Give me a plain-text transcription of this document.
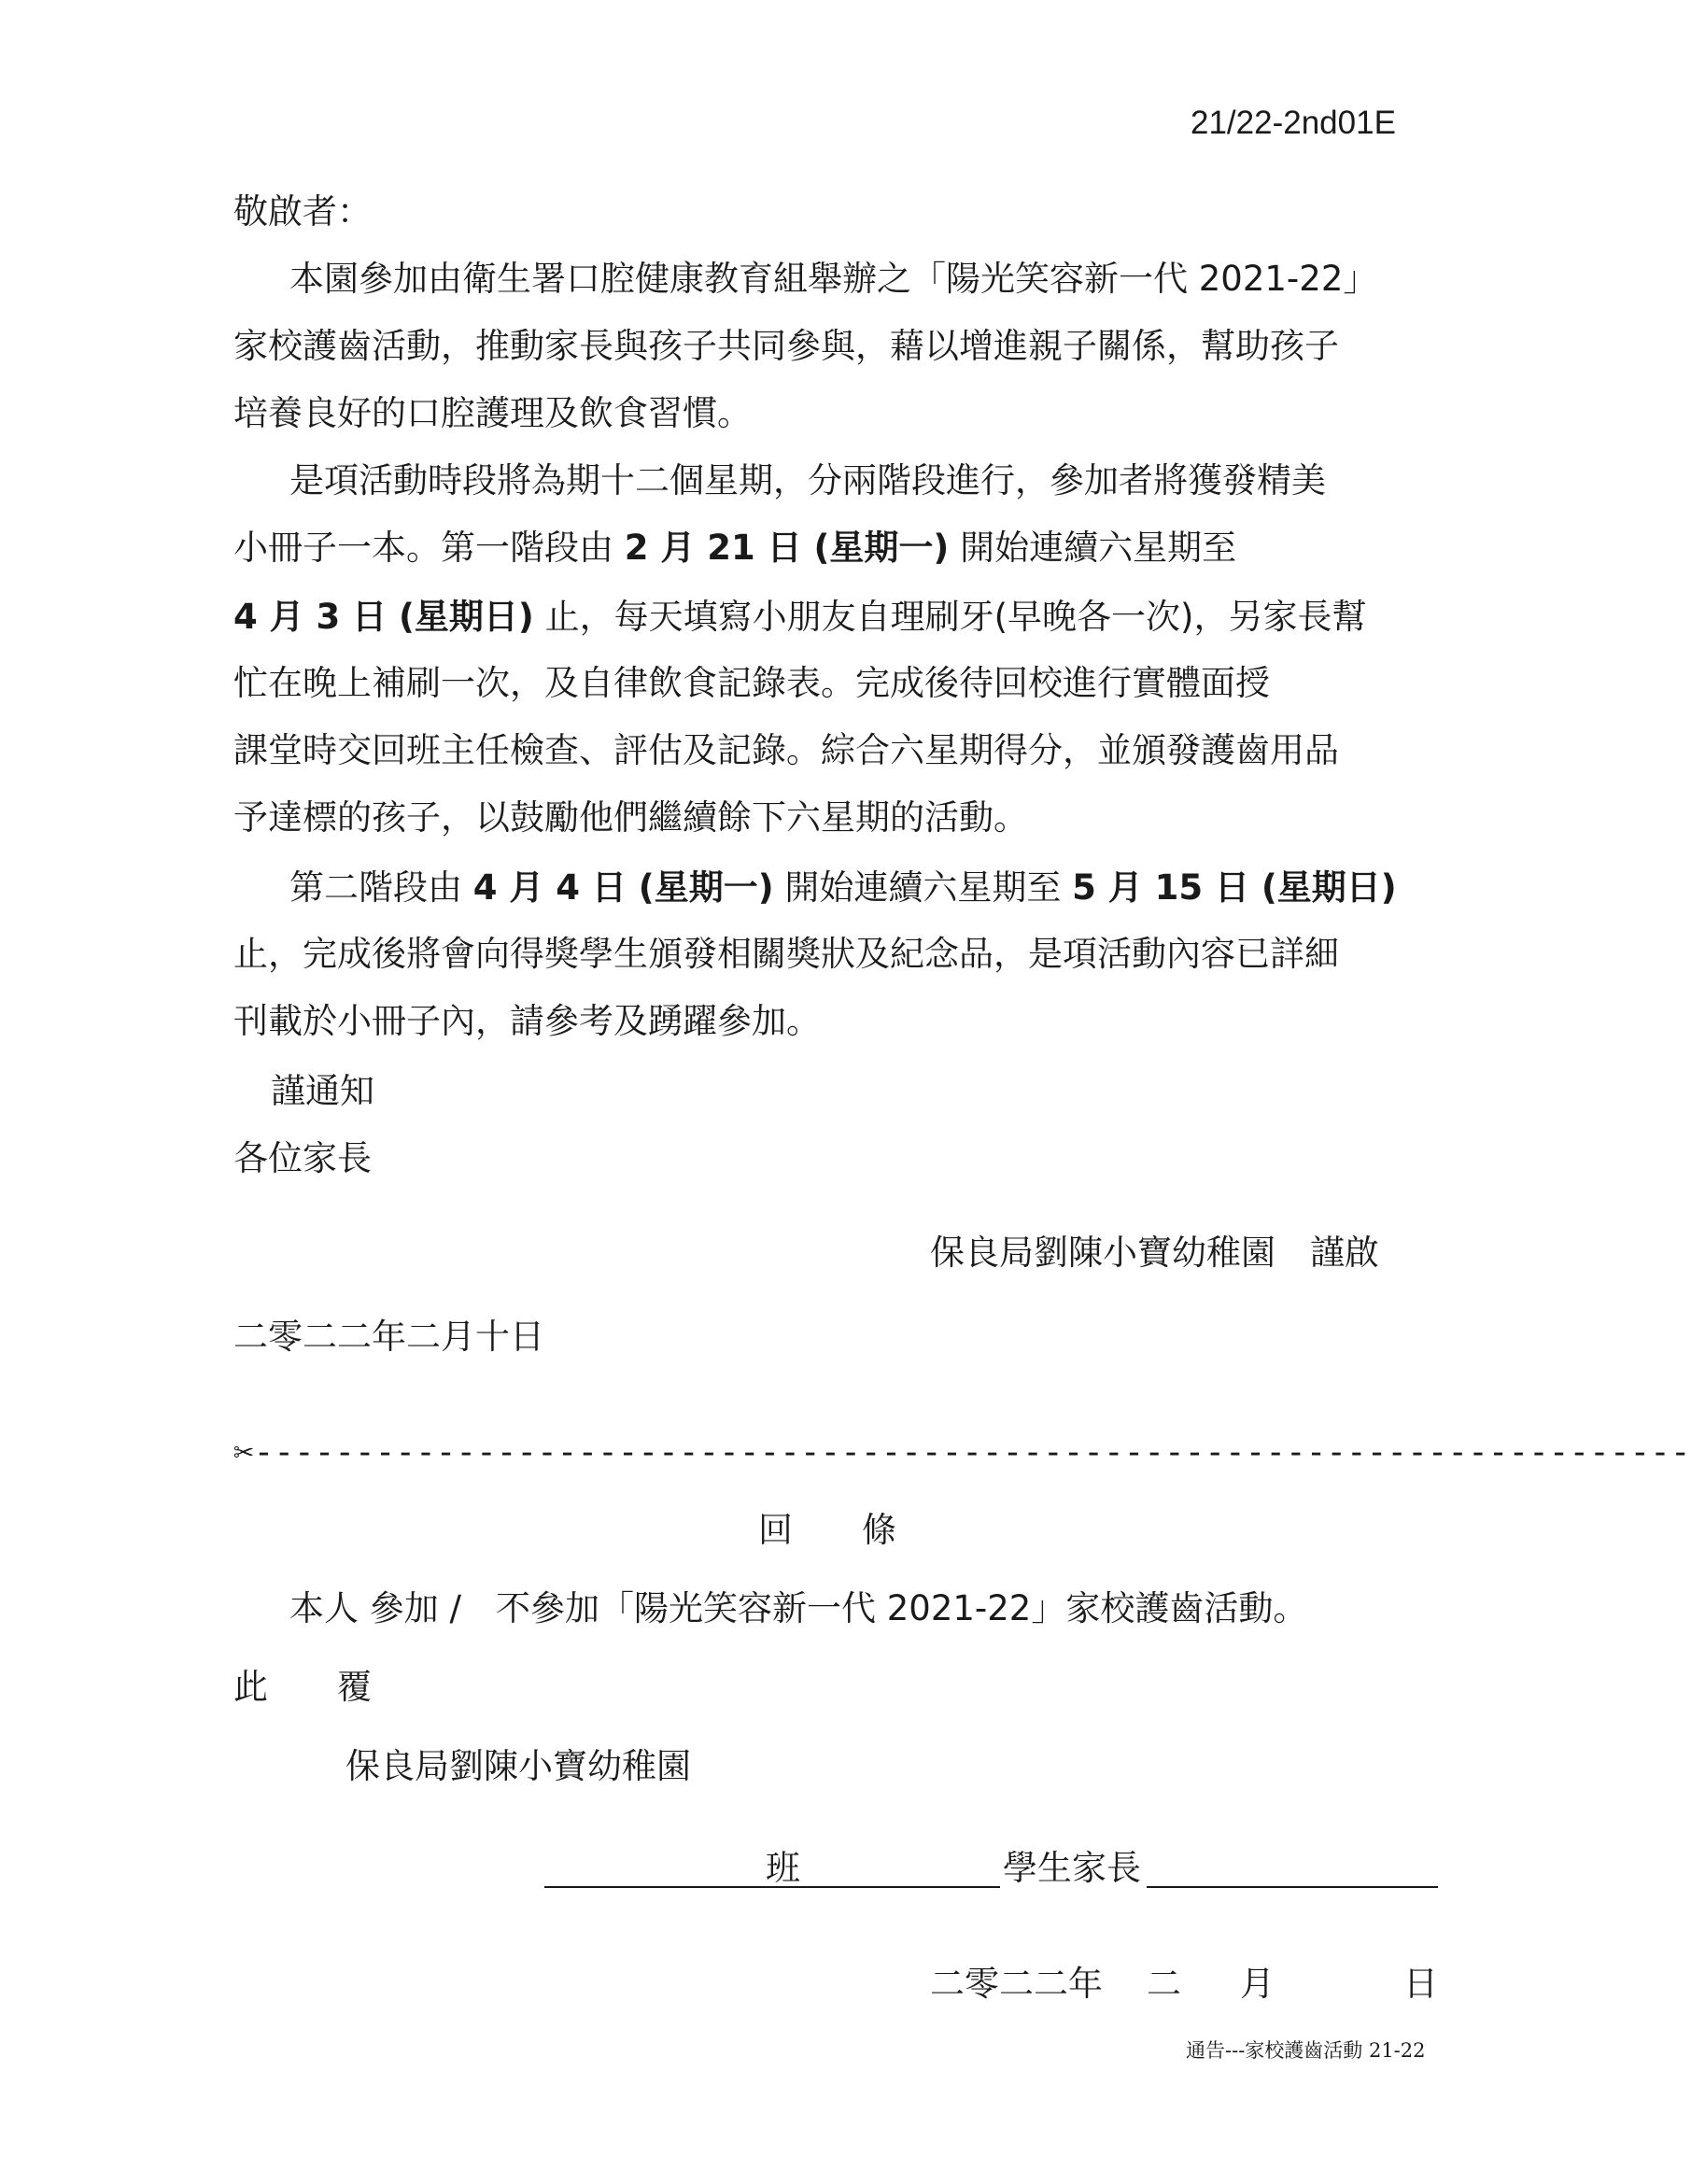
21/22-2nd01E
敬啟者：
本園參加由衛生署口腔健康教育組舉辦之「陽光笑容新一代 2021-22」
家校護齒活動，推動家長與孩子共同參與，藉以增進親子關係，幫助孩子
培養良好的口腔護理及飲食習慣。
是項活動時段將為期十二個星期，分兩階段進行，參加者將獲發精美
小冊子一本。第一階段由 2 月 21 日 (星期一) 開始連續六星期至
4 月 3 日 (星期日) 止，每天填寫小朋友自理刷牙(早晚各一次)，另家長幫
忙在晚上補刷一次，及自律飲食記錄表。完成後待回校進行實體面授
課堂時交回班主任檢查、評估及記錄。綜合六星期得分，並頒發護齒用品
予達標的孩子，以鼓勵他們繼續餘下六星期的活動。
第二階段由 4 月 4 日 (星期一) 開始連續六星期至 5 月 15 日 (星期日)
止，完成後將會向得獎學生頒發相關獎狀及紀念品，是項活動內容已詳細
刊載於小冊子內，請參考及踴躍參加。
謹通知
各位家長
保良局劉陳小寶幼稚園　謹啟
二零二二年二月十日
✂-----------------------------------------------------------------------
回　　條
本人 參加 /　不參加「陽光笑容新一代 2021-22」家校護齒活動。
此　　覆
保良局劉陳小寶幼稚園
班	學生家長
二零二二年 二 月	日
通告---家校護齒活動 21-22
